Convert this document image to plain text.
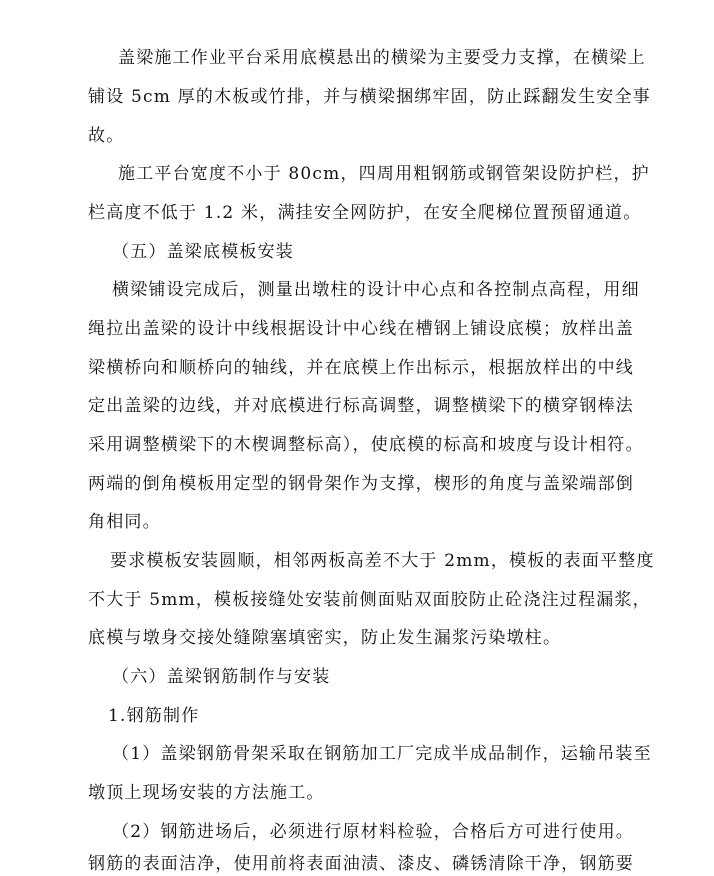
盖梁施工作业平台采用底模悬出的横梁为主要受力支撑，在横梁上
铺设 5cm 厚的木板或竹排，并与横梁捆绑牢固，防止踩翻发生安全事
故。
施工平台宽度不小于 80cm，四周用粗钢筋或钢管架设防护栏，护
栏高度不低于 1.2 米，满挂安全网防护，在安全爬梯位置预留通道。
（五）盖梁底模板安装
横梁铺设完成后，测量出墩柱的设计中心点和各控制点高程，用细
绳拉出盖梁的设计中线根据设计中心线在槽钢上铺设底模；放样出盖
梁横桥向和顺桥向的轴线，并在底模上作出标示，根据放样出的中线
定出盖梁的边线，并对底模进行标高调整，调整横梁下的横穿钢棒法
采用调整横梁下的木楔调整标高），使底模的标高和坡度与设计相符。
两端的倒角模板用定型的钢骨架作为支撑，楔形的角度与盖梁端部倒
角相同。
要求模板安装圆顺，相邻两板高差不大于 2mm，模板的表面平整度
不大于 5mm，模板接缝处安装前侧面贴双面胶防止砼浇注过程漏浆，
底模与墩身交接处缝隙塞填密实，防止发生漏浆污染墩柱。
（六）盖梁钢筋制作与安装
1.钢筋制作
（1）盖梁钢筋骨架采取在钢筋加工厂完成半成品制作，运输吊装至
墩顶上现场安装的方法施工。
（2）钢筋进场后，必须进行原材料检验，合格后方可进行使用。
钢筋的表面洁净，使用前将表面油渍、漆皮、磷锈清除干净，钢筋要
